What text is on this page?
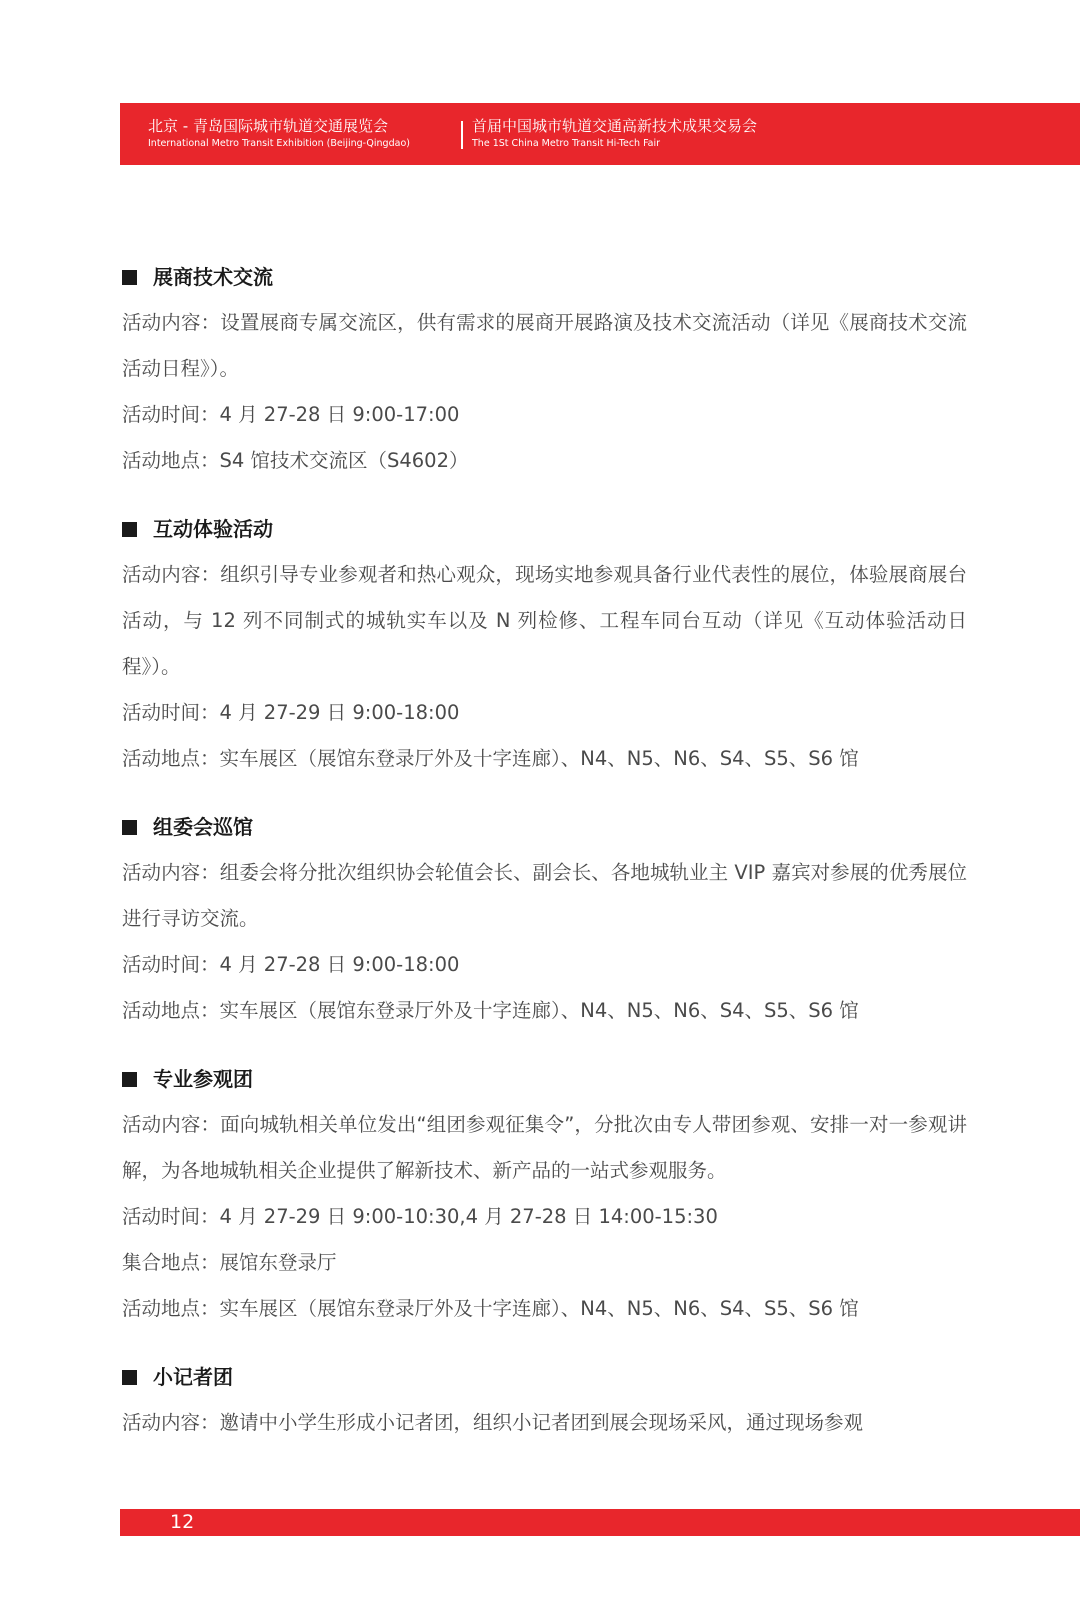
北京 - 青岛国际城市轨道交通展览会
International Metro Transit Exhibition (Beijing-Qingdao)
首届中国城市轨道交通高新技术成果交易会
The 1St China Metro Transit Hi-Tech Fair
展商技术交流
活动内容：设置展商专属交流区，供有需求的展商开展路演及技术交流活动（详见《展商技术交流活动日程》）。
活动时间：4 月 27-28 日 9:00-17:00
活动地点：S4 馆技术交流区（S4602）
互动体验活动
活动内容：组织引导专业参观者和热心观众，现场实地参观具备行业代表性的展位，体验展商展台活动，与 12 列不同制式的城轨实车以及 N 列检修、工程车同台互动（详见《互动体验活动日程》）。
活动时间：4 月 27-29 日 9:00-18:00
活动地点：实车展区（展馆东登录厅外及十字连廊）、N4、N5、N6、S4、S5、S6 馆
组委会巡馆
活动内容：组委会将分批次组织协会轮值会长、副会长、各地城轨业主 VIP 嘉宾对参展的优秀展位进行寻访交流。
活动时间：4 月 27-28 日 9:00-18:00
活动地点：实车展区（展馆东登录厅外及十字连廊）、N4、N5、N6、S4、S5、S6 馆
专业参观团
活动内容：面向城轨相关单位发出“组团参观征集令”，分批次由专人带团参观、安排一对一参观讲解，为各地城轨相关企业提供了解新技术、新产品的一站式参观服务。
活动时间：4 月 27-29 日 9:00-10:30,4 月 27-28 日 14:00-15:30
集合地点：展馆东登录厅
活动地点：实车展区（展馆东登录厅外及十字连廊）、N4、N5、N6、S4、S5、S6 馆
小记者团
活动内容：邀请中小学生形成小记者团，组织小记者团到展会现场采风，通过现场参观
12
